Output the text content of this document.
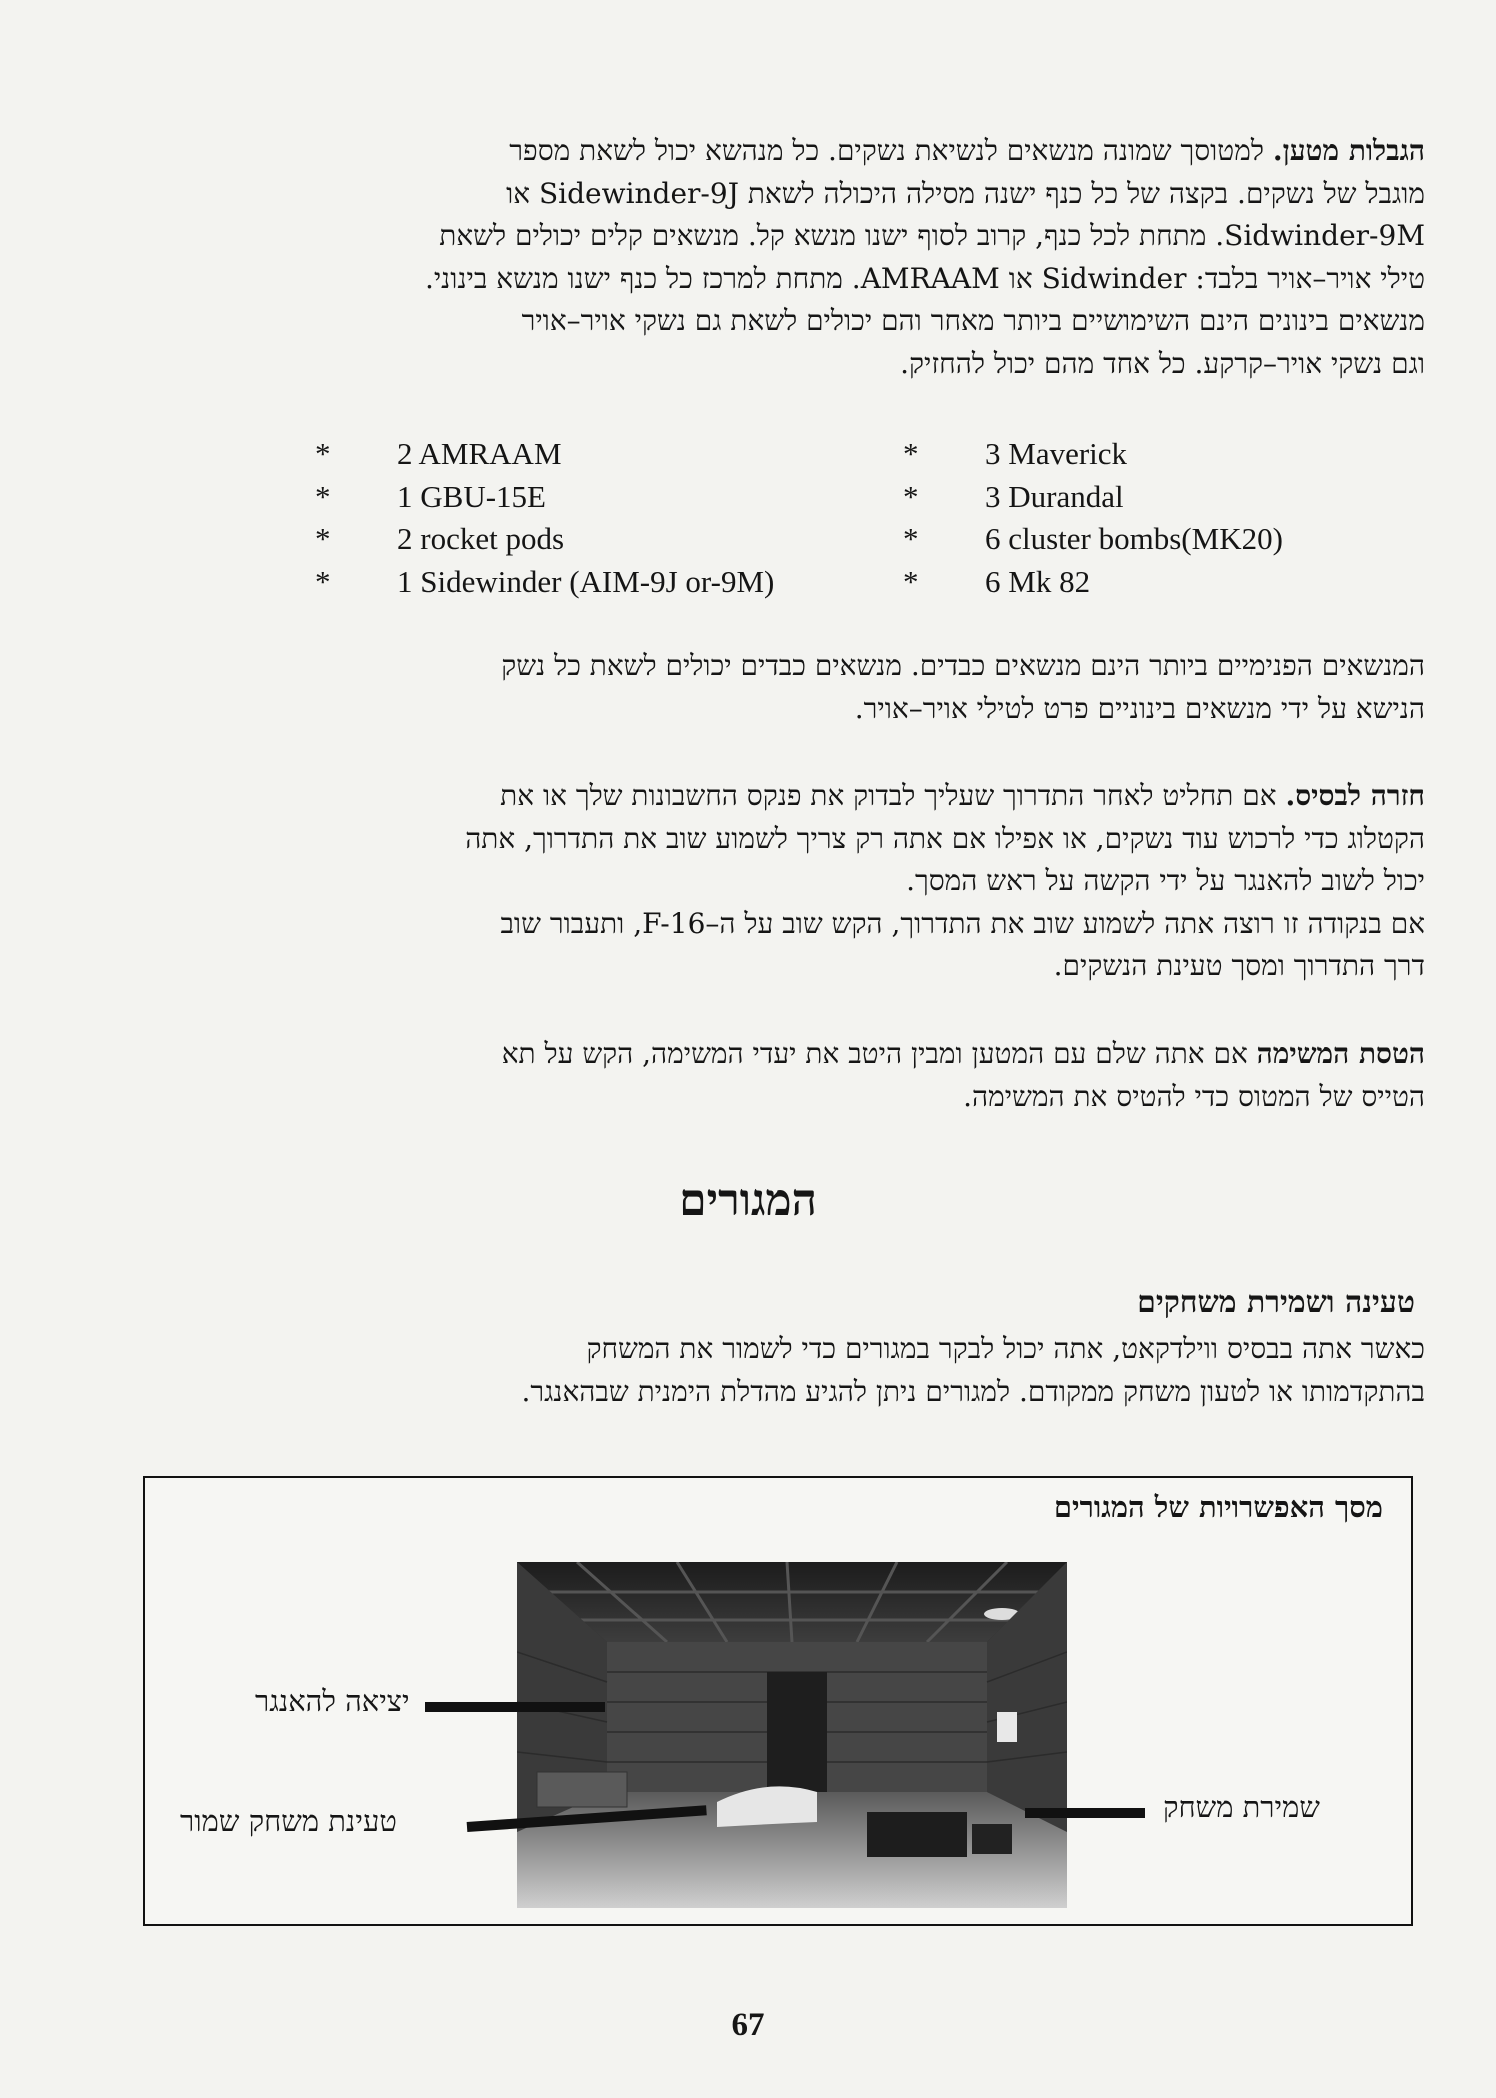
הגבלות מטען. למטוסך שמונה מנשאים לנשיאת נשקים. כל מנהשא יכול לשאת מספר
מוגבל של נשקים. בקצה של כל כנף ישנה מסילה היכולה לשאת Sidewinder-9J או
Sidwinder-9M. מתחת לכל כנף, קרוב לסוף ישנו מנשא קל. מנשאים קלים יכולים לשאת
טילי אויר–אויר בלבד: Sidwinder או AMRAAM. מתחת למרכז כל כנף ישנו מנשא בינוני.
מנשאים בינונים הינם השימושיים ביותר מאחר והם יכולים לשאת גם נשקי אויר–אויר
וגם נשקי אויר–קרקע. כל אחד מהם יכול להחזיק.
* 2 AMRAAM
* 1 GBU-15E
* 2 rocket pods
* 1 Sidewinder (AIM-9J or-9M)
* 3 Maverick
* 3 Durandal
* 6 cluster bombs(MK20)
* 6 Mk 82
המנשאים הפנימיים ביותר הינם מנשאים כבדים. מנשאים כבדים יכולים לשאת כל נשק
הנישא על ידי מנשאים בינוניים פרט לטילי אויר–אויר.
חזרה לבסיס. אם תחליט לאחר התדרוך שעליך לבדוק את פנקס החשבונות שלך או את
הקטלוג כדי לרכוש עוד נשקים, או אפילו אם אתה רק צריך לשמוע שוב את התדרוך, אתה
יכול לשוב להאנגר על ידי הקשה על ראש המסך.
אם בנקודה זו רוצה אתה לשמוע שוב את התדרוך, הקש שוב על ה–F-16, ותעבור שוב
דרך התדרוך ומסך טעינת הנשקים.
הטסת המשימה אם אתה שלם עם המטען ומבין היטב את יעדי המשימה, הקש על תא
הטייס של המטוס כדי להטיס את המשימה.
המגורים
טעינה ושמירת משחקים
כאשר אתה בבסיס ווילדקאט, אתה יכול לבקר במגורים כדי לשמור את המשחק
בהתקדמותו או לטעון משחק ממקודם. למגורים ניתן להגיע מהדלת הימנית שבהאנגר.
מסך האפשרויות של המגורים
יציאה להאנגר
טעינת משחק שמור	שמירת משחק
67
